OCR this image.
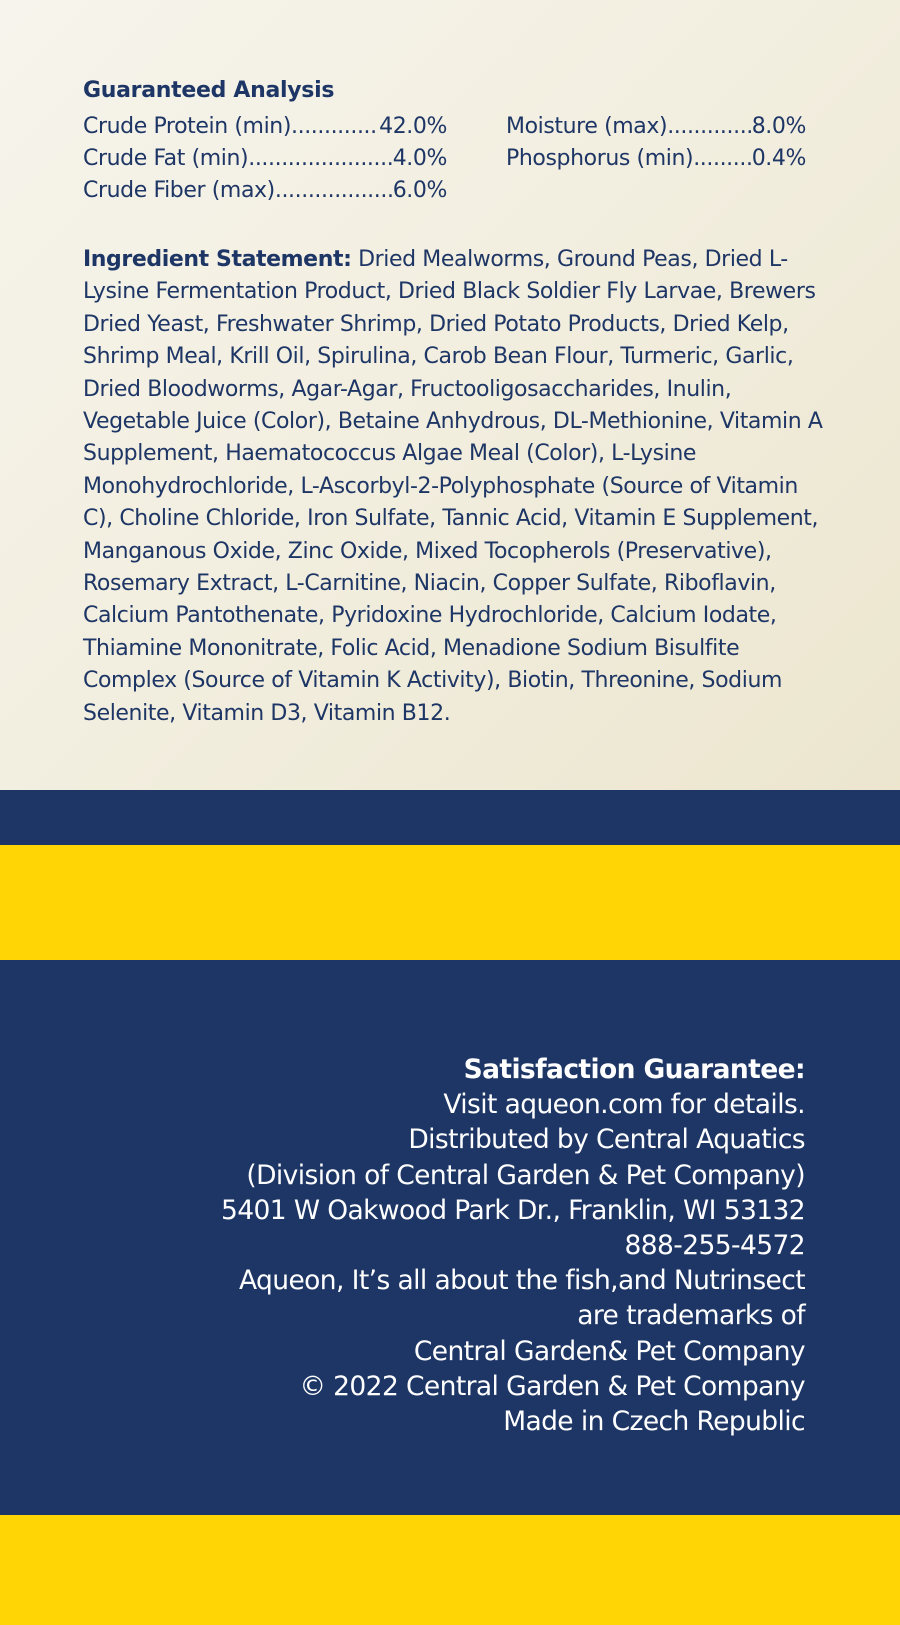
Guaranteed Analysis
Crude Protein (min) .....	42.0%
Crude Fat (min) .....	4.0%
Crude Fiber (max) .....	6.0%
Moisture (max) .....	8.0%
Phosphorus (min) .....	0.4%
Ingredient Statement: Dried Mealworms, Ground Peas, Dried L-Lysine Fermentation Product, Dried Black Soldier Fly Larvae, Brewers Dried Yeast, Freshwater Shrimp, Dried Potato Products, Dried Kelp, Shrimp Meal, Krill Oil, Spirulina, Carob Bean Flour, Turmeric, Garlic, Dried Bloodworms, Agar-Agar, Fructooligosaccharides, Inulin, Vegetable Juice (Color), Betaine Anhydrous, DL-Methionine, Vitamin A Supplement, Haematococcus Algae Meal (Color), L-Lysine Monohydrochloride, L-Ascorbyl-2-Polyphosphate (Source of Vitamin C), Choline Chloride, Iron Sulfate, Tannic Acid, Vitamin E Supplement, Manganous Oxide, Zinc Oxide, Mixed Tocopherols (Preservative), Rosemary Extract, L-Carnitine, Niacin, Copper Sulfate, Riboflavin, Calcium Pantothenate, Pyridoxine Hydrochloride, Calcium Iodate, Thiamine Mononitrate, Folic Acid, Menadione Sodium Bisulfite Complex (Source of Vitamin K Activity), Biotin, Threonine, Sodium Selenite, Vitamin D3, Vitamin B12.
Satisfaction Guarantee:
Visit aqueon.com for details.
Distributed by Central Aquatics
(Division of Central Garden & Pet Company)
5401 W Oakwood Park Dr., Franklin, WI 53132
888-255-4572
Aqueon, It’s all about the fish,and Nutrinsect
are trademarks of
Central Garden& Pet Company
© 2022 Central Garden & Pet Company
Made in Czech Republic
